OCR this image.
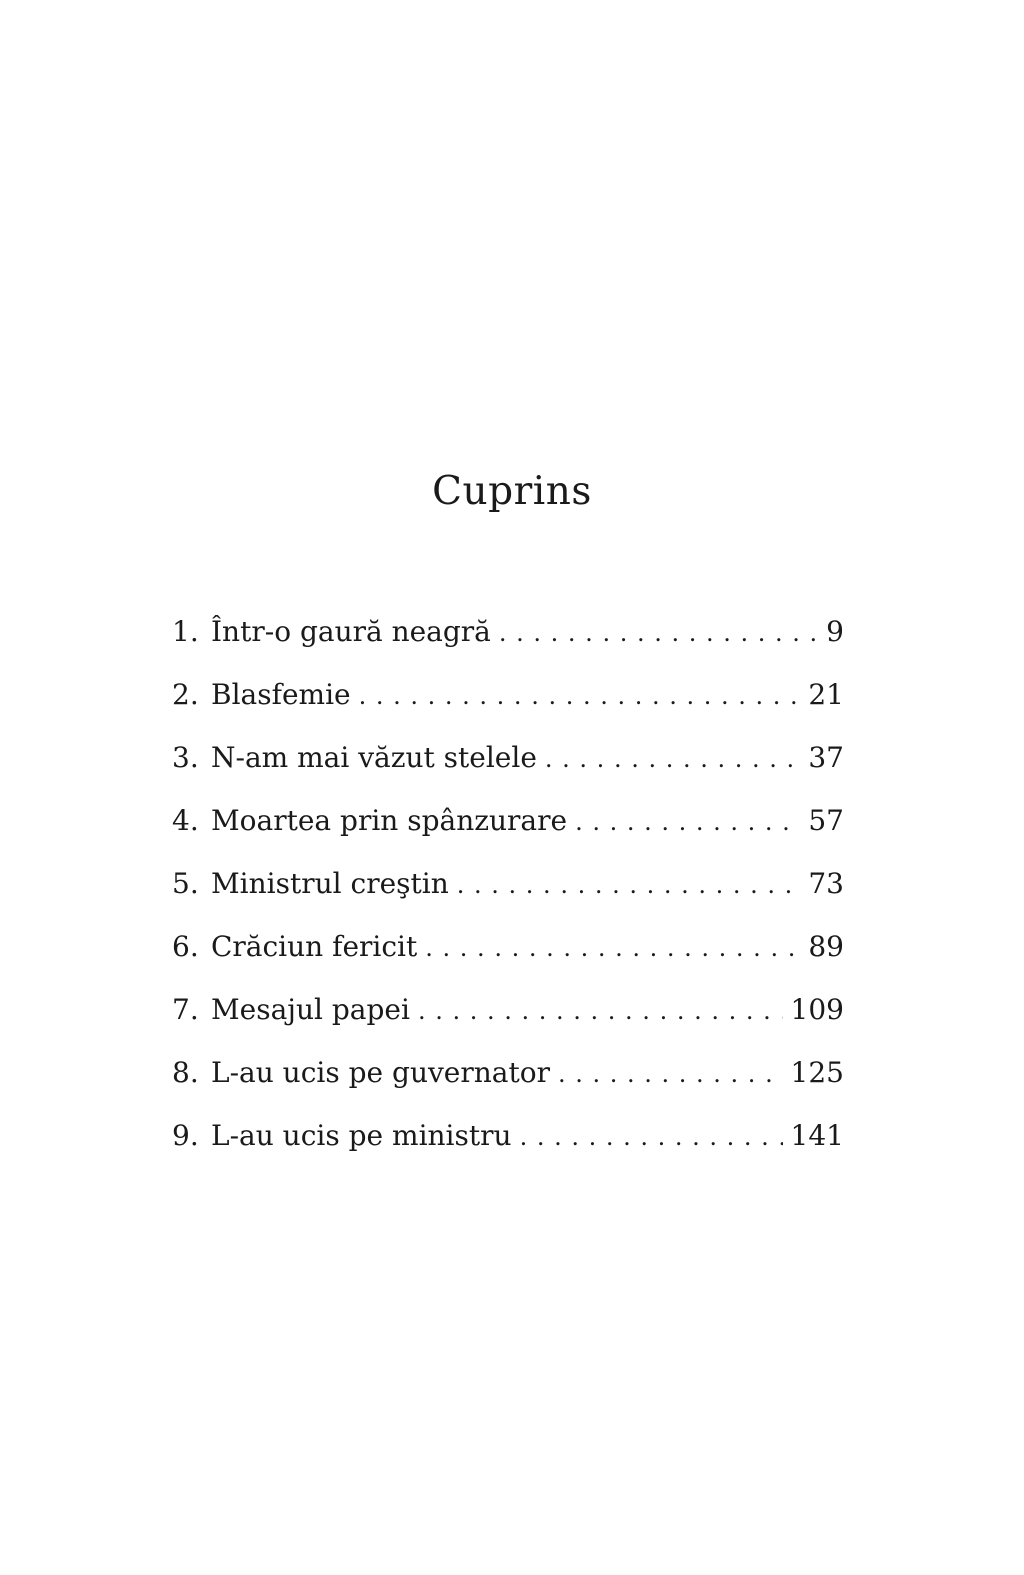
Cuprins
1. Într-o gaură neagră . . .	9
2. Blasfemie . . .	21
3. N-am mai văzut stelele . . .	37
4. Moartea prin spânzurare . . .	57
5. Ministrul creştin . . .	73
6. Crăciun fericit . . .	89
7. Mesajul papei . . .	109
8. L-au ucis pe guvernator . . .	125
9. L-au ucis pe ministru . . .	141
